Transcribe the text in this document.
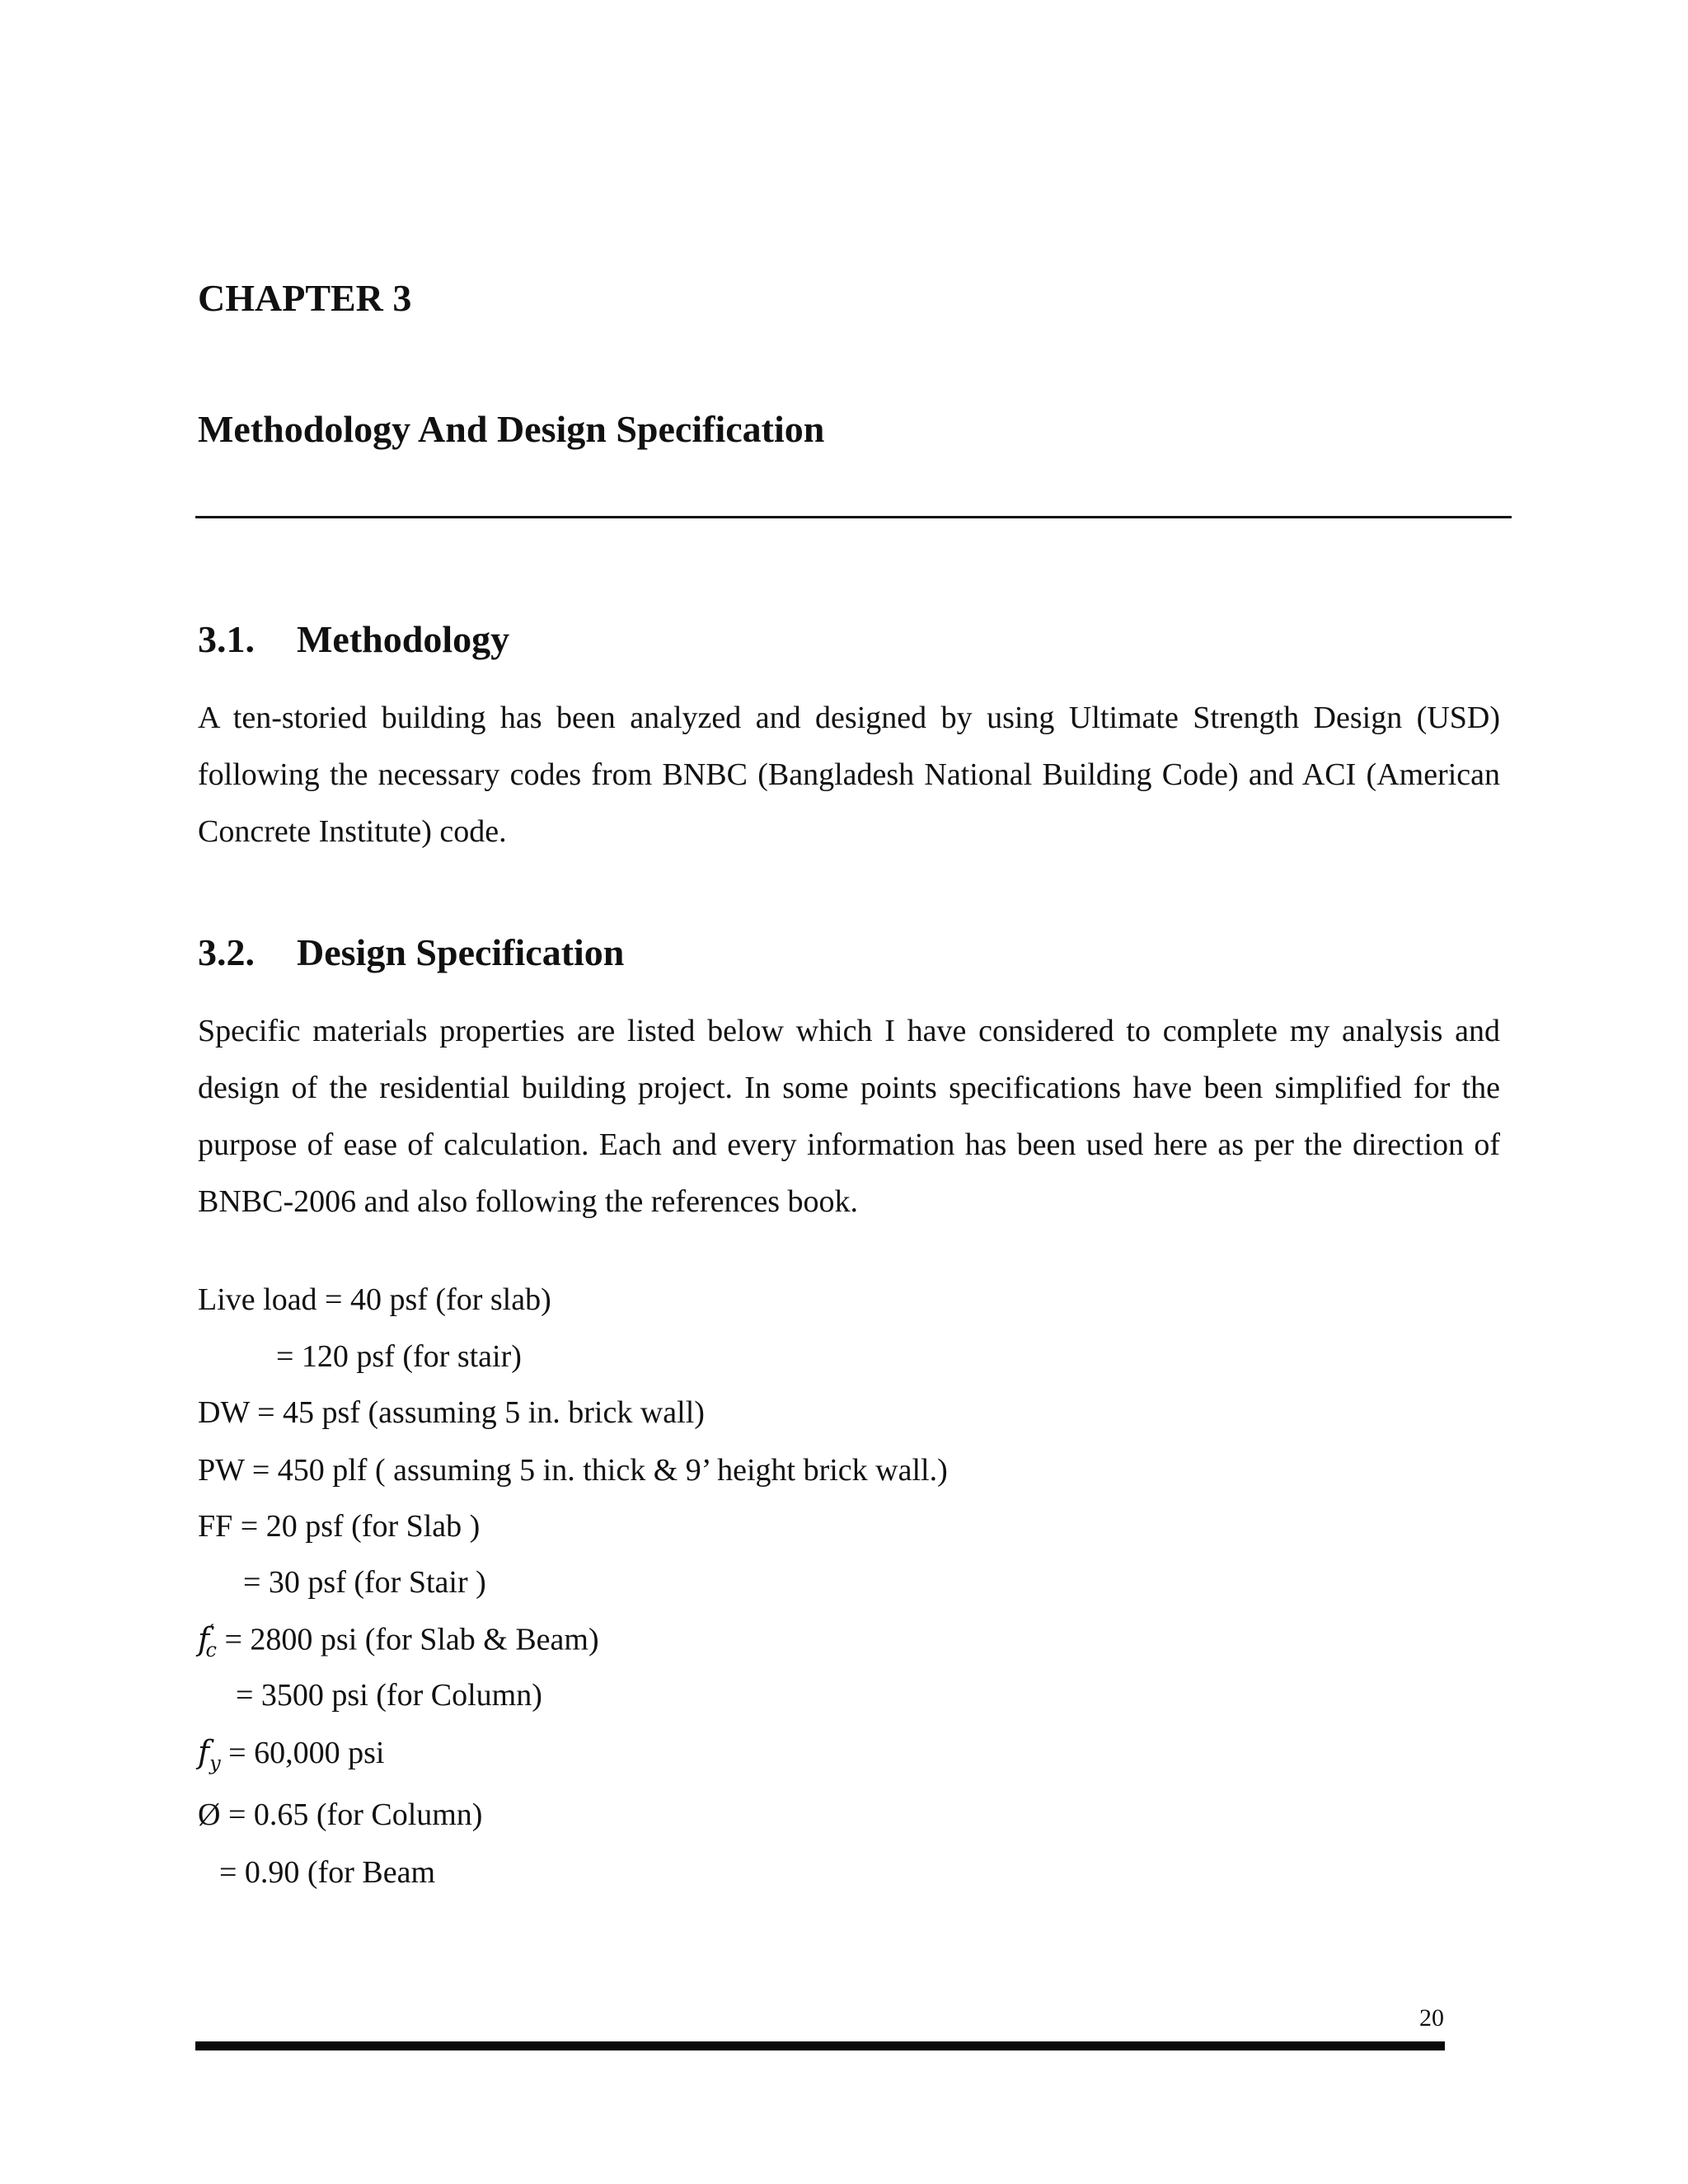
CHAPTER 3
Methodology And Design Specification
3.1. Methodology
A ten-storied building has been analyzed and designed by using Ultimate Strength Design (USD) following the necessary codes from BNBC (Bangladesh National Building Code) and ACI (American Concrete Institute) code.
3.2. Design Specification
Specific materials properties are listed below which I have considered to complete my analysis and design of the residential building project. In some points specifications have been simplified for the purpose of ease of calculation. Each and every information has been used here as per the direction of BNBC-2006 and also following the references book.
Live load = 40 psf (for slab)
= 120 psf (for stair)
DW = 45 psf (assuming 5 in. brick wall)
PW = 450 plf ( assuming 5 in. thick & 9’ height brick wall.)
FF = 20 psf (for Slab )
= 30 psf (for Stair )
$f'_c = 2800$ psi (for Slab & Beam)
= 3500 psi (for Column)
$f_y = 60,000$ psi
Ø = 0.65 (for Column)
= 0.90 (for Beam
20
